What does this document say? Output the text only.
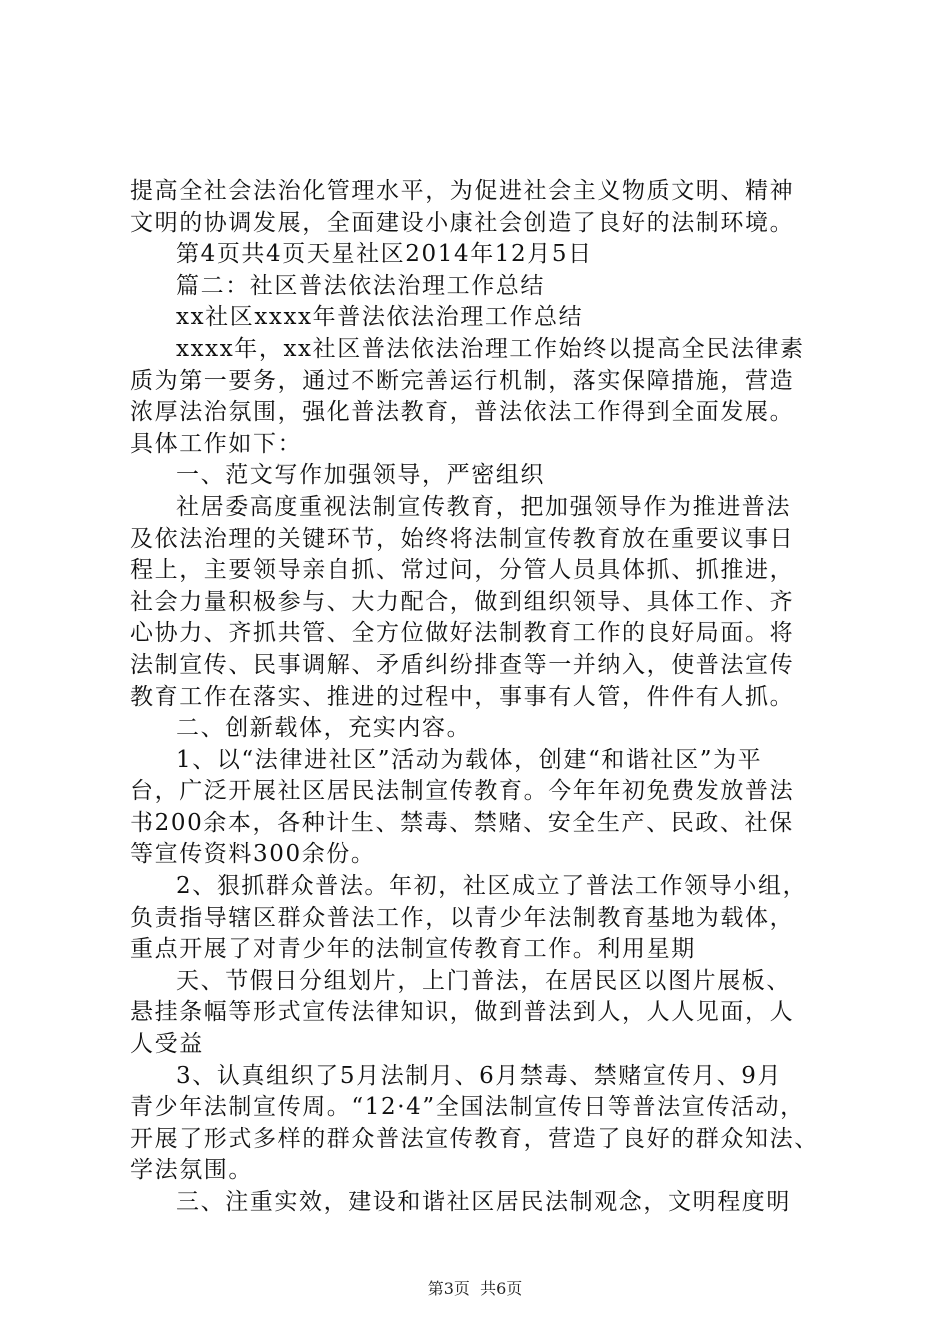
提高全社会法治化管理水平，为促进社会主义物质文明、精神
文明的协调发展，全面建设小康社会创造了良好的法制环境。
第4页共4页天星社区2014年12月5日
篇二：社区普法依法治理工作总结
xx社区xxxx年普法依法治理工作总结
xxxx年，xx社区普法依法治理工作始终以提高全民法律素
质为第一要务，通过不断完善运行机制，落实保障措施，营造
浓厚法治氛围，强化普法教育，普法依法工作得到全面发展。
具体工作如下：
一、范文写作加强领导，严密组织
社居委高度重视法制宣传教育，把加强领导作为推进普法
及依法治理的关键环节，始终将法制宣传教育放在重要议事日
程上，主要领导亲自抓、常过问，分管人员具体抓、抓推进，
社会力量积极参与、大力配合，做到组织领导、具体工作、齐
心协力、齐抓共管、全方位做好法制教育工作的良好局面。将
法制宣传、民事调解、矛盾纠纷排查等一并纳入，使普法宣传
教育工作在落实、推进的过程中，事事有人管，件件有人抓。
二、创新载体，充实内容。
1、以“法律进社区”活动为载体，创建“和谐社区”为平
台，广泛开展社区居民法制宣传教育。今年年初免费发放普法
书200余本，各种计生、禁毒、禁赌、安全生产、民政、社保
等宣传资料300余份。
2、狠抓群众普法。年初，社区成立了普法工作领导小组，
负责指导辖区群众普法工作，以青少年法制教育基地为载体，
重点开展了对青少年的法制宣传教育工作。利用星期
天、节假日分组划片，上门普法，在居民区以图片展板、
悬挂条幅等形式宣传法律知识，做到普法到人，人人见面，人
人受益
3、认真组织了5月法制月、6月禁毒、禁赌宣传月、9月
青少年法制宣传周。“12·4”全国法制宣传日等普法宣传活动，
开展了形式多样的群众普法宣传教育，营造了良好的群众知法、
学法氛围。
三、注重实效，建设和谐社区居民法制观念，文明程度明
第3页  共6页
